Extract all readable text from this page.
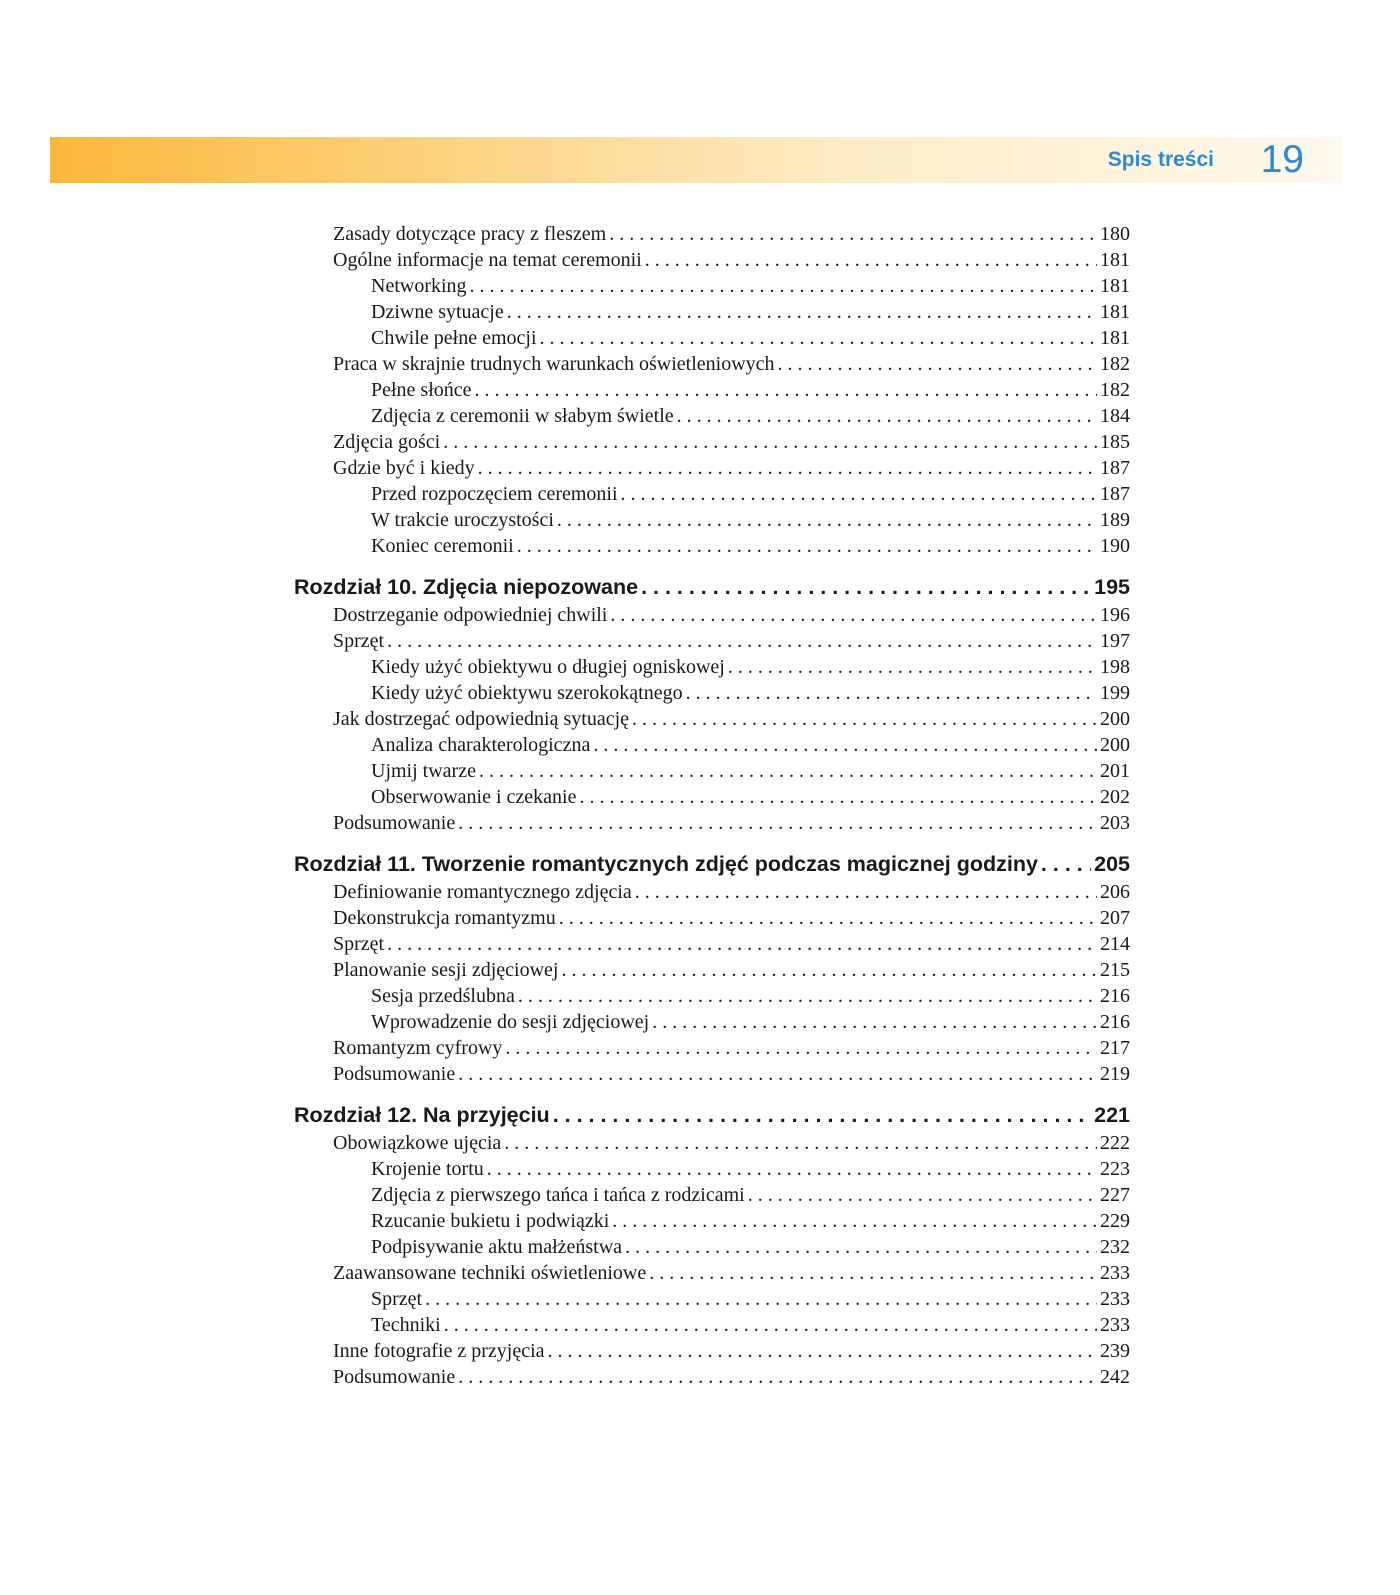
Spis treści 19
Zasady dotyczące pracy z fleszem . . .	180
Ogólne informacje na temat ceremonii . . .	181
Networking . . .	181
Dziwne sytuacje . . .	181
Chwile pełne emocji . . .	181
Praca w skrajnie trudnych warunkach oświetleniowych . . .	182
Pełne słońce . . .	182
Zdjęcia z ceremonii w słabym świetle . . .	184
Zdjęcia gości . . .	185
Gdzie być i kiedy . . .	187
Przed rozpoczęciem ceremonii . . .	187
W trakcie uroczystości . . .	189
Koniec ceremonii . . .	190
Rozdział 10. Zdjęcia niepozowane . . .	195
Dostrzeganie odpowiedniej chwili . . .	196
Sprzęt . . .	197
Kiedy użyć obiektywu o długiej ogniskowej . . .	198
Kiedy użyć obiektywu szerokokątnego . . .	199
Jak dostrzegać odpowiednią sytuację . . .	200
Analiza charakterologiczna . . .	200
Ujmij twarze . . .	201
Obserwowanie i czekanie . . .	202
Podsumowanie . . .	203
Rozdział 11. Tworzenie romantycznych zdjęć podczas magicznej godziny . . .	205
Definiowanie romantycznego zdjęcia . . .	206
Dekonstrukcja romantyzmu . . .	207
Sprzęt . . .	214
Planowanie sesji zdjęciowej . . .	215
Sesja przedślubna . . .	216
Wprowadzenie do sesji zdjęciowej . . .	216
Romantyzm cyfrowy . . .	217
Podsumowanie . . .	219
Rozdział 12. Na przyjęciu . . .	221
Obowiązkowe ujęcia . . .	222
Krojenie tortu . . .	223
Zdjęcia z pierwszego tańca i tańca z rodzicami . . .	227
Rzucanie bukietu i podwiązki . . .	229
Podpisywanie aktu małżeństwa . . .	232
Zaawansowane techniki oświetleniowe . . .	233
Sprzęt . . .	233
Techniki . . .	233
Inne fotografie z przyjęcia . . .	239
Podsumowanie . . .	242
